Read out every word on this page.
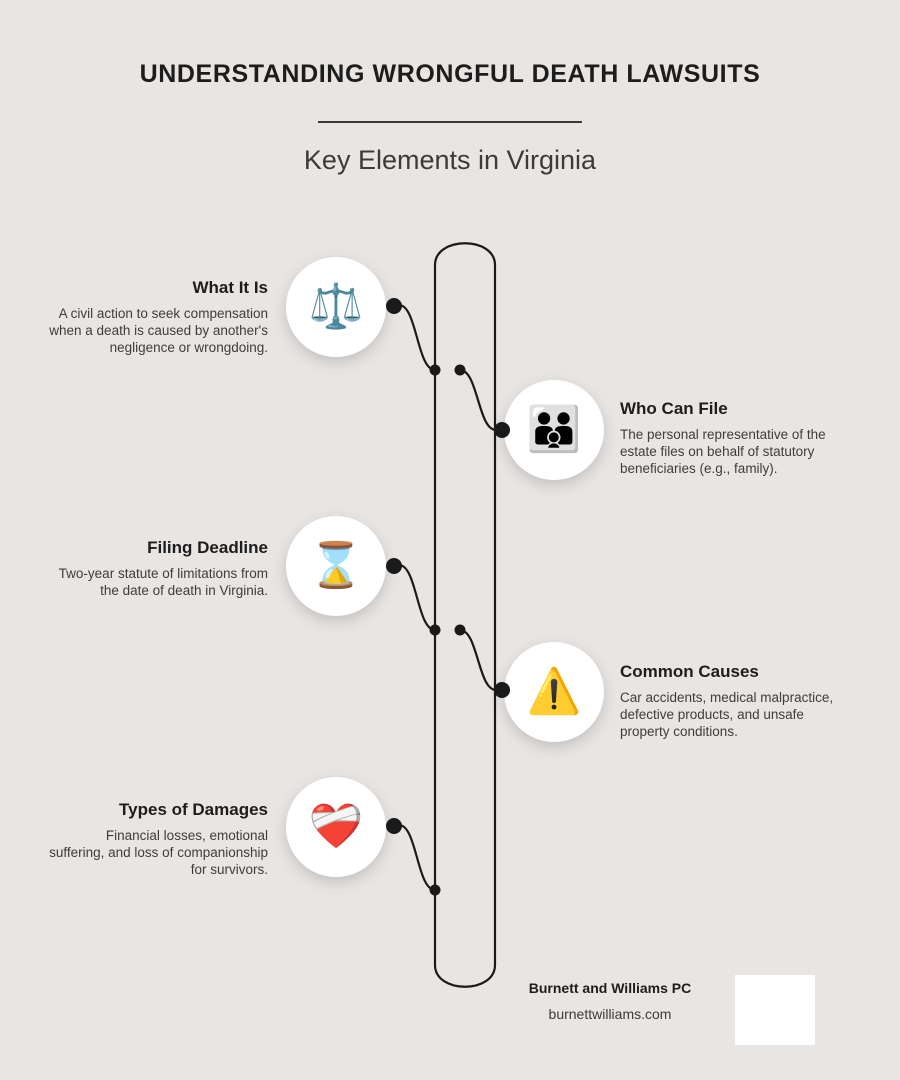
UNDERSTANDING WRONGFUL DEATH LAWSUITS
Key Elements in Virginia
⚖️
What It Is
A civil action to seek compensation when a death is caused by another's negligence or wrongdoing.
👪 Who Can File
The personal representative of the estate files on behalf of statutory beneficiaries (e.g., family).
⌛
Filing Deadline
Two-year statute of limitations from the date of death in Virginia.
⚠️ Common Causes
Car accidents, medical malpractice, defective products, and unsafe property conditions.
❤️‍🩹
Types of Damages
Financial losses, emotional suffering, and loss of companionship for survivors.
Burnett and Williams PC
burnettwilliams.com
